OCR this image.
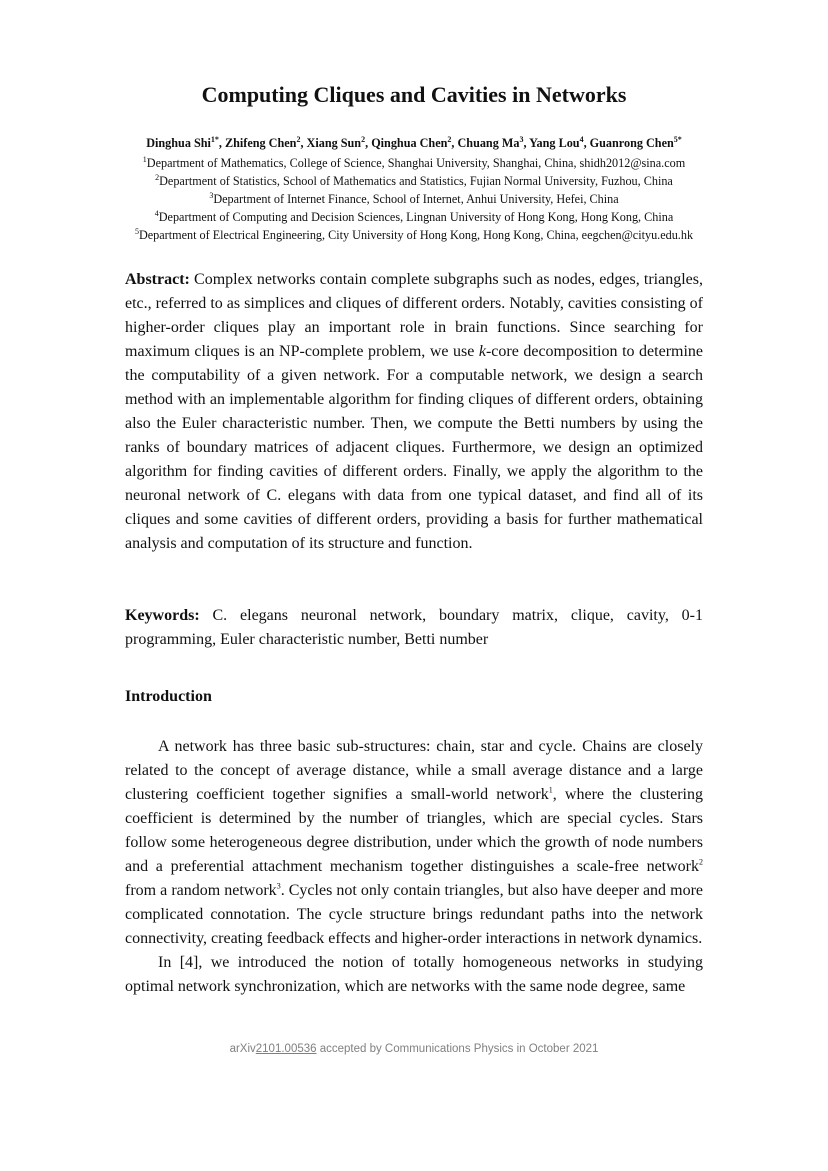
Computing Cliques and Cavities in Networks
Dinghua Shi$^{1*}$, Zhifeng Chen$^2$, Xiang Sun$^2$, Qinghua Chen$^2$, Chuang Ma$^3$, Yang Lou$^4$, Guanrong Chen$^{5*}$
$^1$Department of Mathematics, College of Science, Shanghai University, Shanghai, China, shidh2012@sina.com
$^2$Department of Statistics, School of Mathematics and Statistics, Fujian Normal University, Fuzhou, China
$^3$Department of Internet Finance, School of Internet, Anhui University, Hefei, China
$^4$Department of Computing and Decision Sciences, Lingnan University of Hong Kong, Hong Kong, China
$^5$Department of Electrical Engineering, City University of Hong Kong, Hong Kong, China, eegchen@cityu.edu.hk
Abstract: Complex networks contain complete subgraphs such as nodes, edges, triangles, etc., referred to as simplices and cliques of different orders. Notably, cavities consisting of higher-order cliques play an important role in brain functions. Since searching for maximum cliques is an NP-complete problem, we use k-core decomposition to determine the computability of a given network. For a computable network, we design a search method with an implementable algorithm for finding cliques of different orders, obtaining also the Euler characteristic number. Then, we compute the Betti numbers by using the ranks of boundary matrices of adjacent cliques. Furthermore, we design an optimized algorithm for finding cavities of different orders. Finally, we apply the algorithm to the neuronal network of C. elegans with data from one typical dataset, and find all of its cliques and some cavities of different orders, providing a basis for further mathematical analysis and computation of its structure and function.
Keywords: C. elegans neuronal network, boundary matrix, clique, cavity, 0-1 programming, Euler characteristic number, Betti number
Introduction

A network has three basic sub-structures: chain, star and cycle. Chains are closely related to the concept of average distance, while a small average distance and a large clustering coefficient together signifies a small-world network$^1$, where the clustering coefficient is determined by the number of triangles, which are special cycles. Stars follow some heterogeneous degree distribution, under which the growth of node numbers and a preferential attachment mechanism together distinguishes a scale-free network$^2$ from a random network$^3$. Cycles not only contain triangles, but also have deeper and more complicated connotation. The cycle structure brings redundant paths into the network connectivity, creating feedback effects and higher-order interactions in network dynamics.

In [4], we introduced the notion of totally homogeneous networks in studying optimal network synchronization, which are networks with the same node degree, same

arXiv2101.00536 accepted by Communications Physics in October 2021
